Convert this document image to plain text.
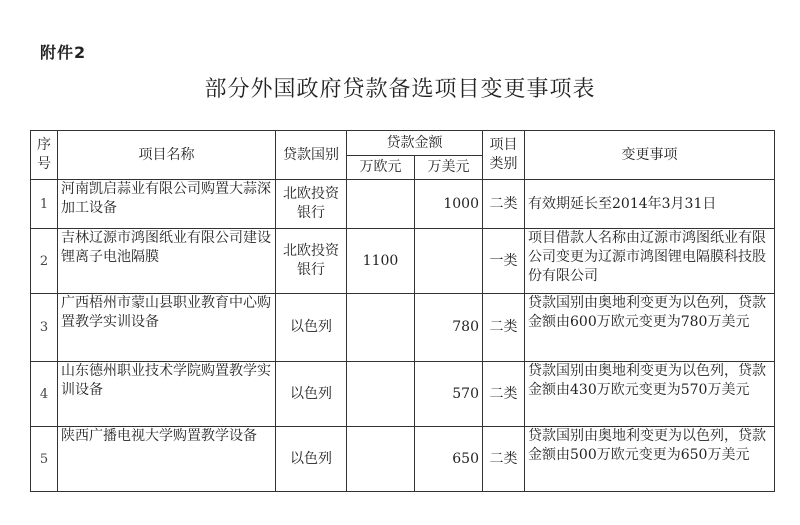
附件2
部分外国政府贷款备选项目变更事项表
序号	项目名称	贷款国别	贷款金额		项目类别	变更事项
			万欧元	万美元		
1	河南凯启蒜业有限公司购置大蒜深加工设备	北欧投资银行		1000	二类	有效期延长至2014年3月31日
2	吉林辽源市鸿图纸业有限公司建设锂离子电池隔膜	北欧投资银行	1100		一类	项目借款人名称由辽源市鸿图纸业有限公司变更为辽源市鸿图锂电隔膜科技股份有限公司
3	广西梧州市蒙山县职业教育中心购置教学实训设备	以色列		780	二类	贷款国别由奥地利变更为以色列，贷款金额由600万欧元变更为780万美元
4	山东德州职业技术学院购置教学实训设备	以色列		570	二类	贷款国别由奥地利变更为以色列，贷款金额由430万欧元变更为570万美元
5	陕西广播电视大学购置教学设备	以色列		650	二类	贷款国别由奥地利变更为以色列，贷款金额由500万欧元变更为650万美元
